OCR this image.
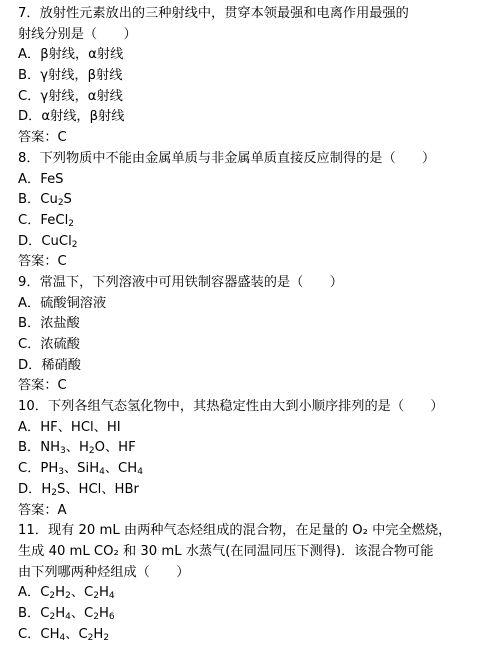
7．放射性元素放出的三种射线中，贯穿本领最强和电离作用最强的
射线分别是（　　）
A．β射线，α射线
B．γ射线，β射线
C．γ射线，α射线
D．α射线，β射线
答案：C
8．下列物质中不能由金属单质与非金属单质直接反应制得的是（　　）
A．FeS
B．$Cu_2S$
C．FeCl$_2$
D．CuCl$_2$
答案：C
9．常温下，下列溶液中可用铁制容器盛装的是（　　）
A．硫酸铜溶液
B．浓盐酸
C．浓硫酸
D．稀硝酸
答案：C
10．下列各组气态氢化物中，其热稳定性由大到小顺序排列的是（　　）
A．HF、HCl、HI
B．$NH_3$、$H_2O$、HF
C．$PH_3$、SiH$_4$、$CH_4$
D．$H_2S$、HCl、HBr
答案：A
11．现有 20 mL 由两种气态烃组成的混合物，在足量的 O₂ 中完全燃烧，
生成 40 mL CO₂ 和 30 mL 水蒸气(在同温同压下测得)．该混合物可能
由下列哪两种烃组成（　　）
A．$C_2H_2$、$C_2H_4$
B．$C_2H_4$、$C_2H_6$
C．$CH_4$、$C_2H_2$
